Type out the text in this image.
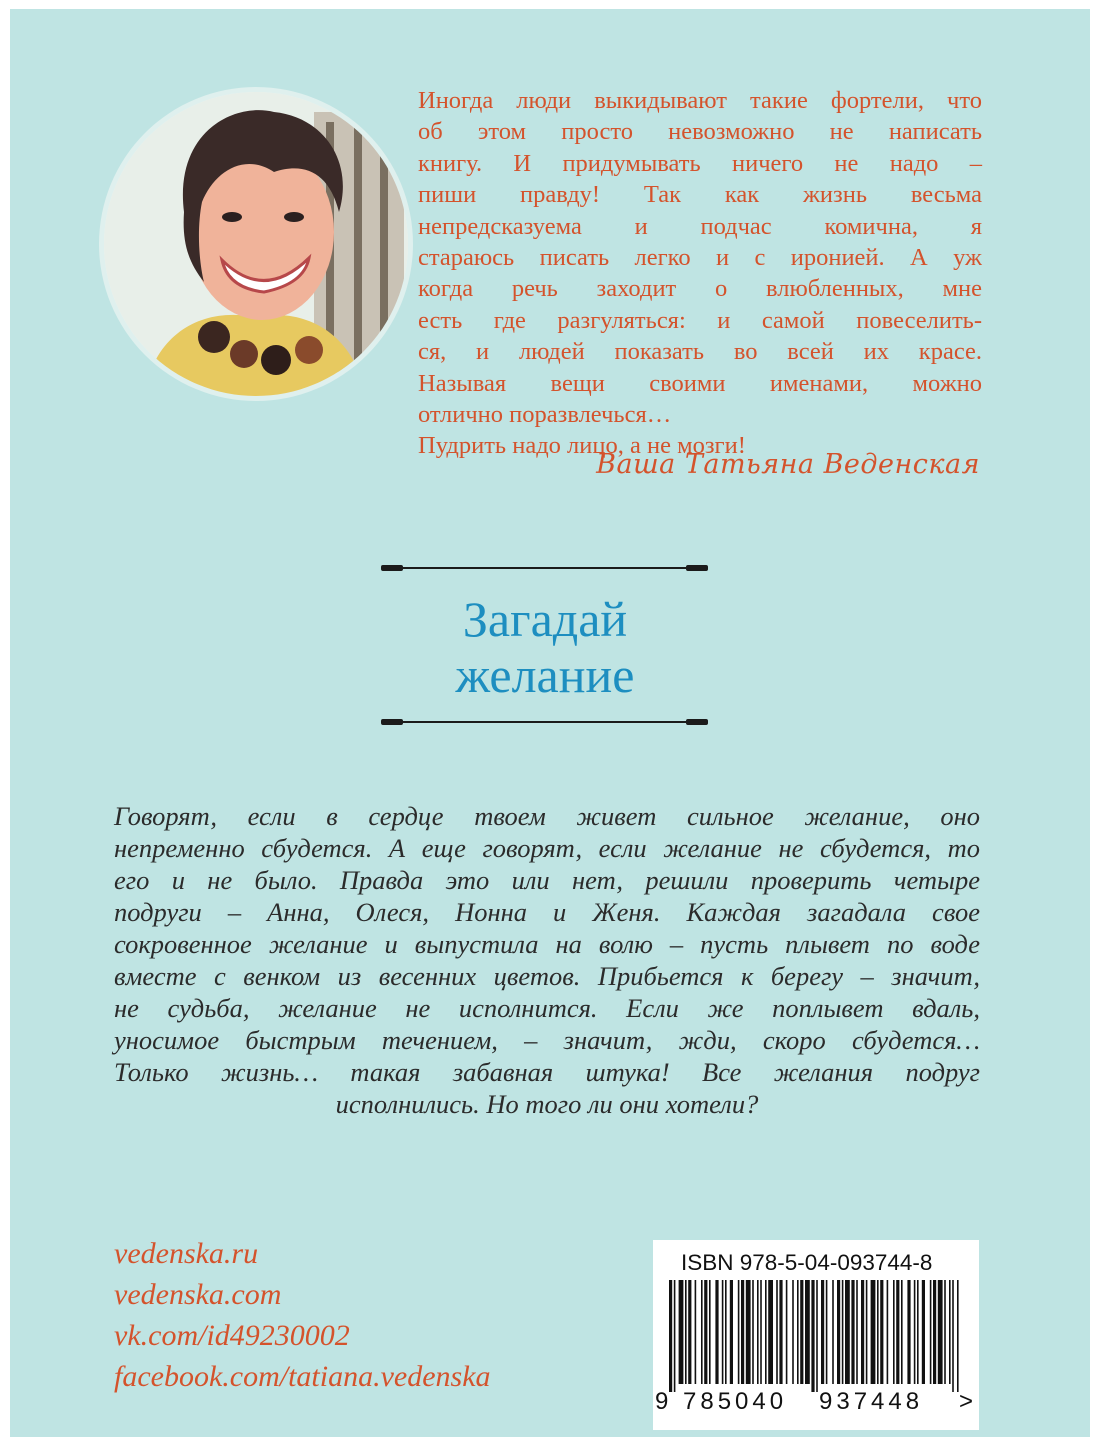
Иногда люди выкидывают такие фортели, что
об этом просто невозможно не написать
книгу. И придумывать ничего не надо –
пиши правду! Так как жизнь весьма
непредсказуема и подчас комична, я
стараюсь писать легко и с иронией. А уж
когда речь заходит о влюбленных, мне
есть где разгуляться: и самой повеселить-
ся, и людей показать во всей их красе.
Называя вещи своими именами, можно
отлично поразвлечься…
Пудрить надо лицо, а не мозги!
Ваша Татьяна Веденская
Загадай
желание
Говорят, если в сердце твоем живет сильное желание, оно
непременно сбудется. А еще говорят, если желание не сбудется, то
его и не было. Правда это или нет, решили проверить четыре
подруги – Анна, Олеся, Нонна и Женя. Каждая загадала свое
сокровенное желание и выпустила на волю – пусть плывет по воде
вместе с венком из весенних цветов. Прибьется к берегу – значит,
не судьба, желание не исполнится. Если же поплывет вдаль,
уносимое быстрым течением, – значит, жди, скоро сбудется…
Только жизнь… такая забавная штука! Все желания подруг
исполнились. Но того ли они хотели?
vedenska.ru
vedenska.com
vk.com/id49230002
facebook.com/tatiana.vedenska
ISBN 978-5-04-093744-8
9 785040 937448 >
